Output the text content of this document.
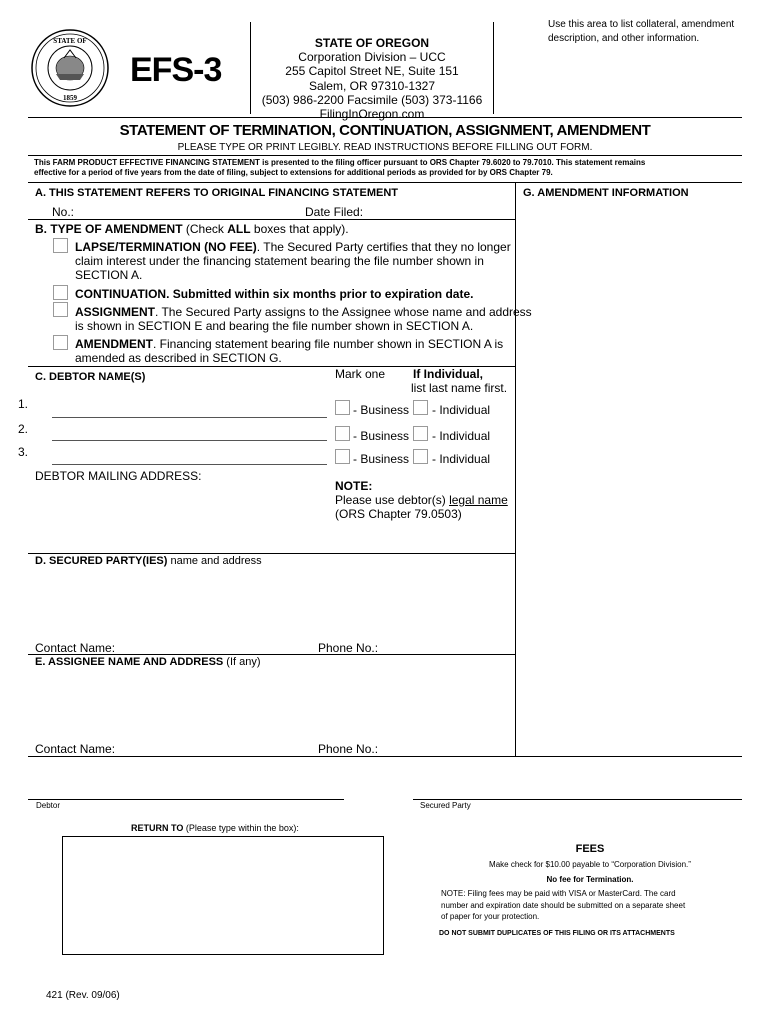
STATE OF
1859
EFS-3
STATE OF OREGON
Corporation Division – UCC
255 Capitol Street NE, Suite 151
Salem, OR 97310-1327
(503) 986-2200 Facsimile (503) 373-1166
FilingInOregon.com
Use this area to list collateral, amendment
description, and other information.
STATEMENT OF TERMINATION, CONTINUATION, ASSIGNMENT, AMENDMENT
PLEASE TYPE OR PRINT LEGIBLY. READ INSTRUCTIONS BEFORE FILLING OUT FORM.
This FARM PRODUCT EFFECTIVE FINANCING STATEMENT is presented to the filing officer pursuant to ORS Chapter 79.6020 to 79.7010. This statement remains
effective for a period of five years from the date of filing, subject to extensions for additional periods as provided for by ORS Chapter 79.
G. AMENDMENT INFORMATION
A. THIS STATEMENT REFERS TO ORIGINAL FINANCING STATEMENT
No.:	Date Filed:
B. TYPE OF AMENDMENT (Check ALL boxes that apply).
LAPSE/TERMINATION (NO FEE). The Secured Party certifies that they no longer
claim interest under the financing statement bearing the file number shown in
SECTION A.
CONTINUATION. Submitted within six months prior to expiration date.
ASSIGNMENT. The Secured Party assigns to the Assignee whose name and address
is shown in SECTION E and bearing the file number shown in SECTION A.
AMENDMENT. Financing statement bearing file number shown in SECTION A is
amended as described in SECTION G.
C. DEBTOR NAME(S)	Mark one If Individual,
list last name first.
1.	- Business - Individual
2.	- Business - Individual
3.	- Business - Individual
DEBTOR MAILING ADDRESS:
NOTE:
Please use debtor(s) legal name
(ORS Chapter 79.0503)
D. SECURED PARTY(IES) name and address
Contact Name:	Phone No.:
E. ASSIGNEE NAME AND ADDRESS (If any)
Contact Name:	Phone No.:
Debtor	Secured Party
RETURN TO (Please type within the box):
FEES
Make check for $10.00 payable to “Corporation Division.”
No fee for Termination.
NOTE: Filing fees may be paid with VISA or MasterCard. The card
number and expiration date should be submitted on a separate sheet
of paper for your protection.
DO NOT SUBMIT DUPLICATES OF THIS FILING OR ITS ATTACHMENTS
421 (Rev. 09/06)
